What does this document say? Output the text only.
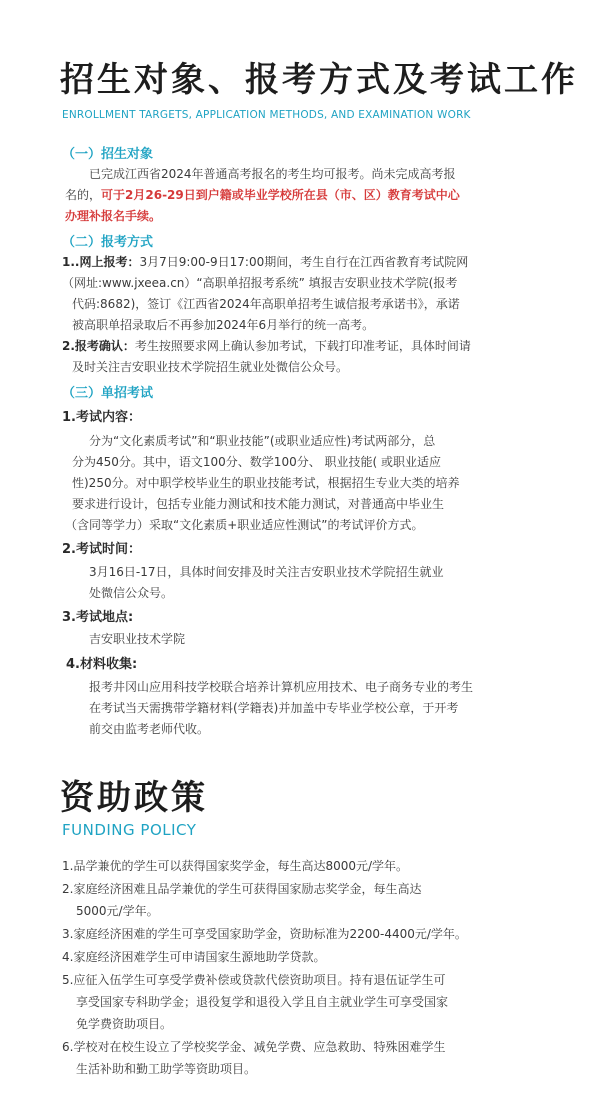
招生对象、报考方式及考试工作
ENROLLMENT TARGETS, APPLICATION METHODS, AND EXAMINATION WORK
（一）招生对象
已完成江西省2024年普通高考报名的考生均可报考。尚未完成高考报
名的，可于2月26-29日到户籍或毕业学校所在县（市、区）教育考试中心
办理补报名手续。
（二）报考方式
1..网上报考：3月7日9:00-9日17:00期间，考生自行在江西省教育考试院网
（网址:www.jxeea.cn）“高职单招报考系统” 填报吉安职业技术学院(报考
代码:8682)，签订《江西省2024年高职单招考生诚信报考承诺书》，承诺
被高职单招录取后不再参加2024年6月举行的统一高考。
2.报考确认：考生按照要求网上确认参加考试，下载打印准考证，具体时间请
及时关注吉安职业技术学院招生就业处微信公众号。
（三）单招考试
1.考试内容：
分为“文化素质考试”和“职业技能”(或职业适应性)考试两部分，总
分为450分。其中，语文100分、数学100分、 职业技能( 或职业适应
性)250分。对中职学校毕业生的职业技能考试，根据招生专业大类的培养
要求进行设计，包括专业能力测试和技术能力测试，对普通高中毕业生
（含同等学力）采取“文化素质+职业适应性测试”的考试评价方式。
2.考试时间：
3月16日-17日，具体时间安排及时关注吉安职业技术学院招生就业
处微信公众号。
3.考试地点:
吉安职业技术学院
4.材料收集:
报考井冈山应用科技学校联合培养计算机应用技术、电子商务专业的考生
在考试当天需携带学籍材料(学籍表)并加盖中专毕业学校公章，于开考
前交由监考老师代收。
资助政策
FUNDING POLICY
1.品学兼优的学生可以获得国家奖学金，每生高达8000元/学年。
2.家庭经济困难且品学兼优的学生可获得国家励志奖学金，每生高达
5000元/学年。
3.家庭经济困难的学生可享受国家助学金，资助标准为2200-4400元/学年。
4.家庭经济困难学生可申请国家生源地助学贷款。
5.应征入伍学生可享受学费补偿或贷款代偿资助项目。持有退伍证学生可
享受国家专科助学金；退役复学和退役入学且自主就业学生可享受国家
免学费资助项目。
6.学校对在校生设立了学校奖学金、减免学费、应急救助、特殊困难学生
生活补助和勤工助学等资助项目。
